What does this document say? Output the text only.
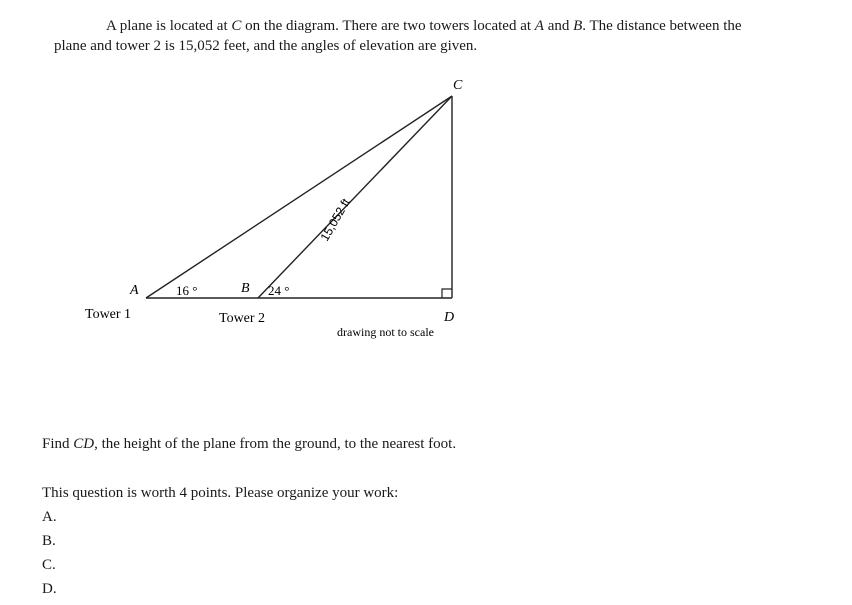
A plane is located at C on the diagram. There are two towers located at A and B. The distance between the plane and tower 2 is 15,052 feet, and the angles of elevation are given.

A	B
C
D
16 °	24 °
15,052 ft
Tower 1	Tower 2
drawing not to scale

Find CD, the height of the plane from the ground, to the nearest foot.

This question is worth 4 points. Please organize your work:

A.

B.

C.

D.
